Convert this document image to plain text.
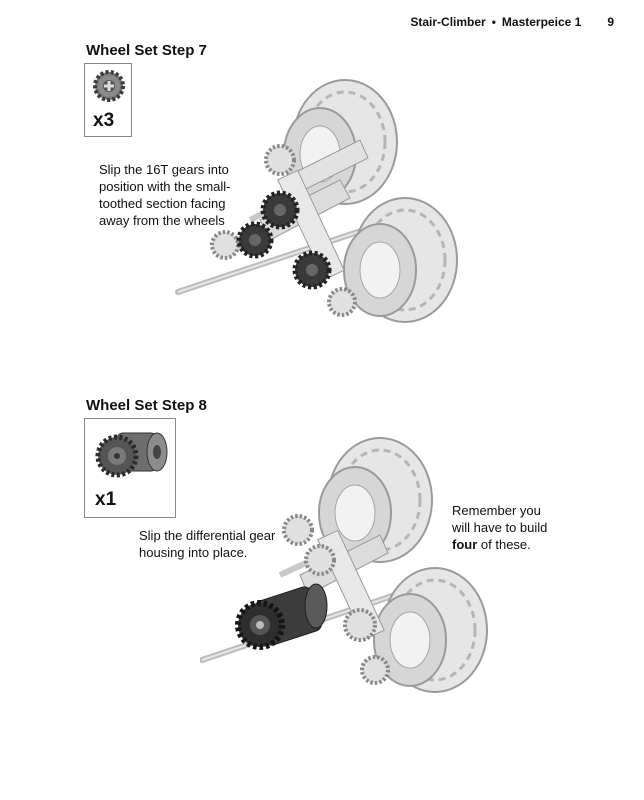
Stair-Climber • Masterpeice 1 9
Wheel Set Step 7
x3
Slip the 16T gears into
position with the small-
toothed section facing
away from the wheels
Wheel Set Step 8
x1
Slip the differential gear
housing into place.
Remember you
will have to build
four of these.
